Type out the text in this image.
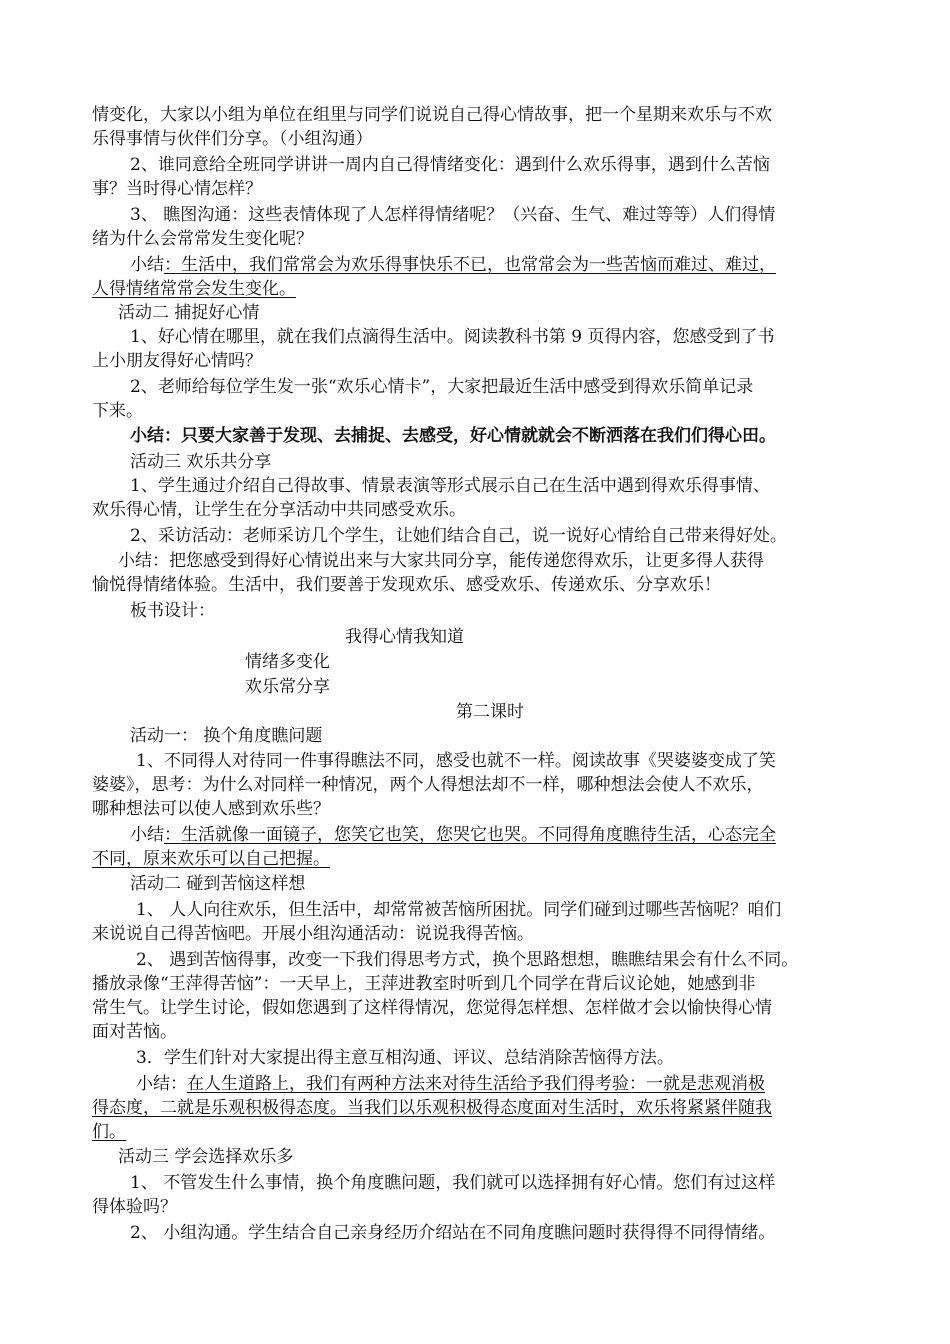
情变化，大家以小组为单位在组里与同学们说说自己得心情故事，把一个星期来欢乐与不欢
乐得事情与伙伴们分享。（小组沟通）
2、谁同意给全班同学讲讲一周内自己得情绪变化：遇到什么欢乐得事，遇到什么苦恼
事？当时得心情怎样？
3、 瞧图沟通：这些表情体现了人怎样得情绪呢？（兴奋、生气、难过等等）人们得情
绪为什么会常常发生变化呢？
小结：生活中，我们常常会为欢乐得事快乐不已，也常常会为一些苦恼而难过、难过，
人得情绪常常会发生变化。
活动二 捕捉好心情
1、好心情在哪里，就在我们点滴得生活中。阅读教科书第 9 页得内容，您感受到了书
上小朋友得好心情吗？
2、老师给每位学生发一张“欢乐心情卡”，大家把最近生活中感受到得欢乐简单记录
下来。
小结：只要大家善于发现、去捕捉、去感受，好心情就就会不断洒落在我们们得心田。
活动三 欢乐共分享
1、学生通过介绍自己得故事、情景表演等形式展示自己在生活中遇到得欢乐得事情、
欢乐得心情，让学生在分享活动中共同感受欢乐。
2、采访活动：老师采访几个学生，让她们结合自己，说一说好心情给自己带来得好处。
小结：把您感受到得好心情说出来与大家共同分享，能传递您得欢乐，让更多得人获得
愉悦得情绪体验。生活中，我们要善于发现欢乐、感受欢乐、传递欢乐、分享欢乐！
板书设计：
我得心情我知道
情绪多变化
欢乐常分享
第二课时
活动一： 换个角度瞧问题
1、不同得人对待同一件事得瞧法不同，感受也就不一样。阅读故事《哭婆婆变成了笑
婆婆》，思考：为什么对同样一种情况，两个人得想法却不一样，哪种想法会使人不欢乐，
哪种想法可以使人感到欢乐些？
小结：生活就像一面镜子，您笑它也笑，您哭它也哭。不同得角度瞧待生活，心态完全
不同，原来欢乐可以自己把握。
活动二 碰到苦恼这样想
1、 人人向往欢乐，但生活中，却常常被苦恼所困扰。同学们碰到过哪些苦恼呢？咱们
来说说自己得苦恼吧。开展小组沟通活动：说说我得苦恼。
2、 遇到苦恼得事，改变一下我们得思考方式，换个思路想想，瞧瞧结果会有什么不同。
播放录像“王萍得苦恼”：一天早上，王萍进教室时听到几个同学在背后议论她，她感到非
常生气。让学生讨论，假如您遇到了这样得情况，您觉得怎样想、怎样做才会以愉快得心情
面对苦恼。
3．学生们针对大家提出得主意互相沟通、评议、总结消除苦恼得方法。
小结：在人生道路上，我们有两种方法来对待生活给予我们得考验：一就是悲观消极
得态度，二就是乐观积极得态度。当我们以乐观积极得态度面对生活时，欢乐将紧紧伴随我
们。
活动三 学会选择欢乐多
1、 不管发生什么事情，换个角度瞧问题，我们就可以选择拥有好心情。您们有过这样
得体验吗？
2、 小组沟通。学生结合自己亲身经历介绍站在不同角度瞧问题时获得得不同得情绪。
